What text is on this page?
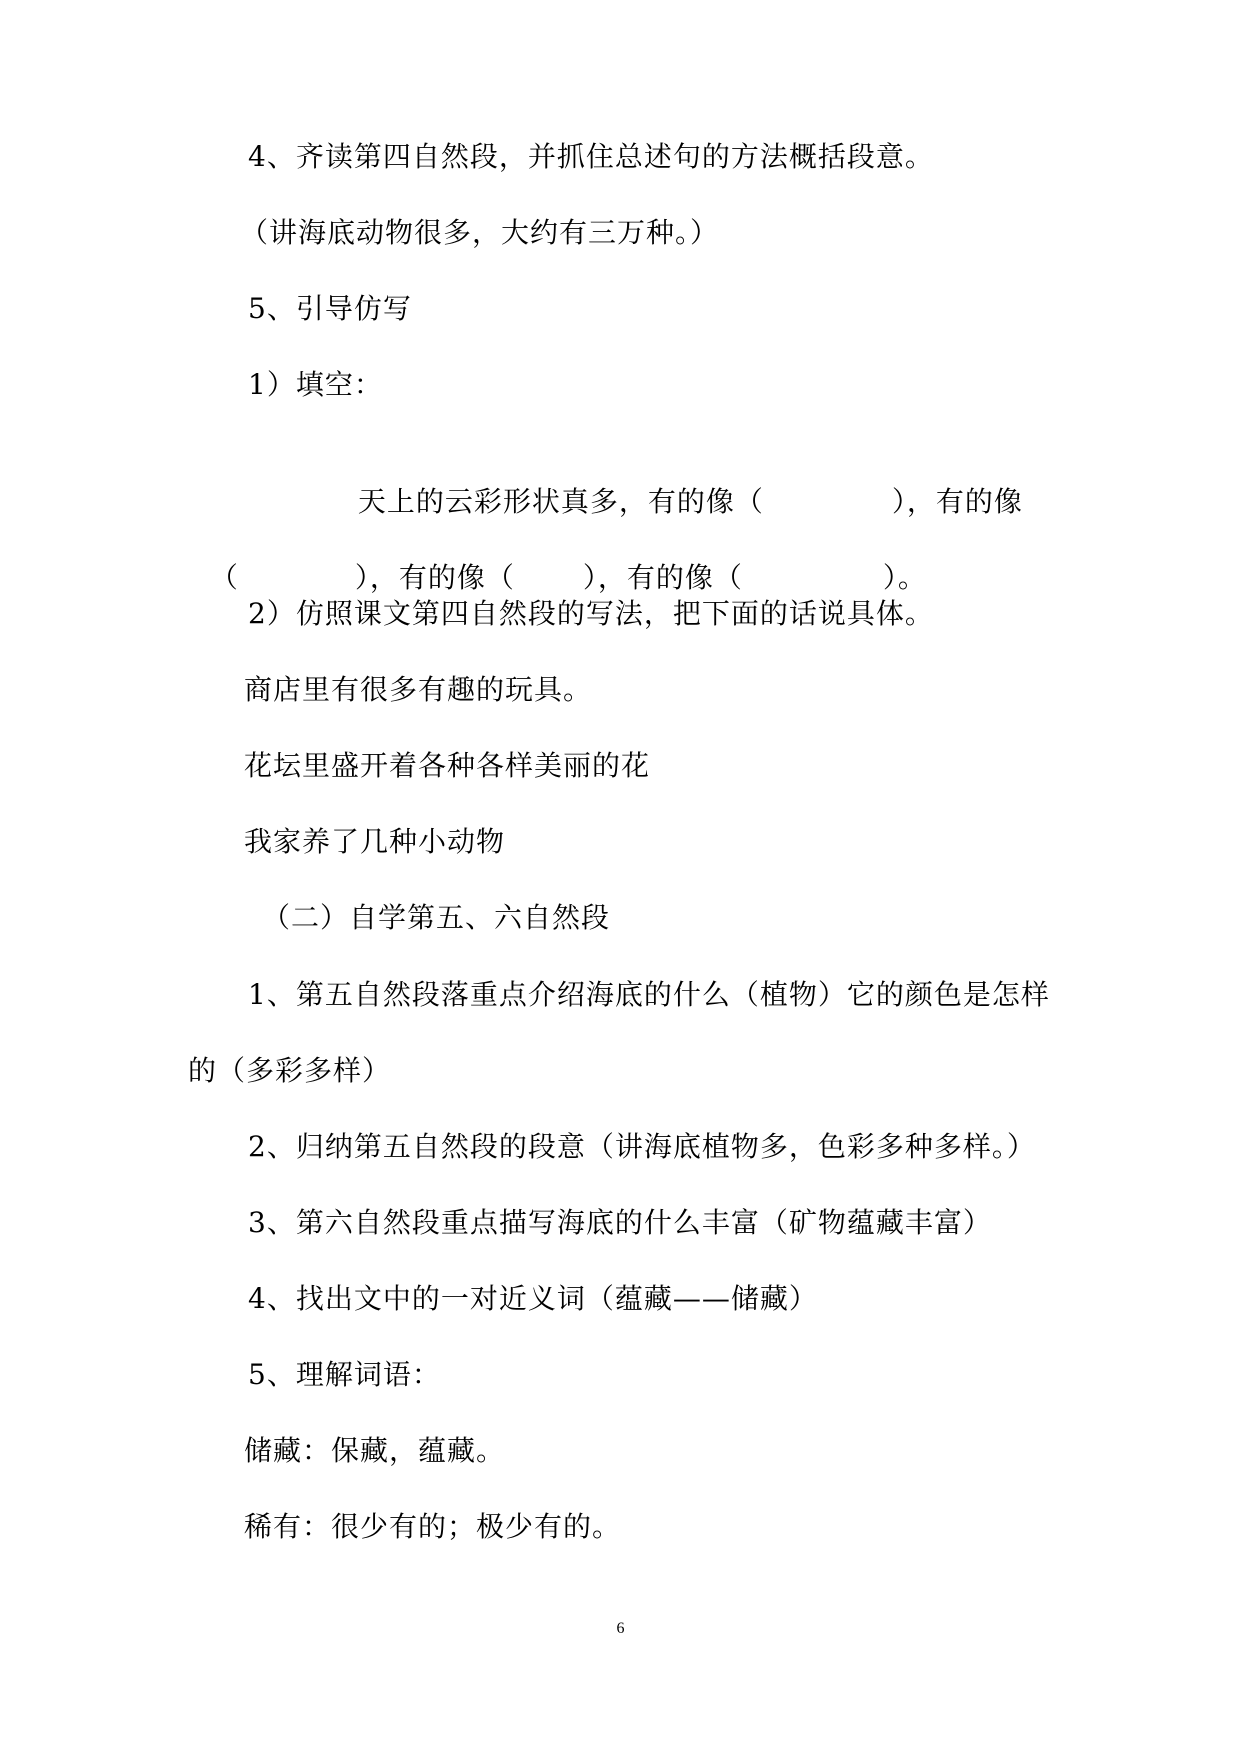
4、齐读第四自然段，并抓住总述句的方法概括段意。
（讲海底动物很多，大约有三万种。）
5、引导仿写
1）填空：

天上的云彩形状真多，有的像（	），有的像

（	），有的像（ ），有的像（	）。

2）仿照课文第四自然段的写法，把下面的话说具体。
商店里有很多有趣的玩具。
花坛里盛开着各种各样美丽的花
我家养了几种小动物
（二）自学第五、六自然段
1、第五自然段落重点介绍海底的什么（植物）它的颜色是怎样
的（多彩多样）
2、归纳第五自然段的段意（讲海底植物多，色彩多种多样。）
3、第六自然段重点描写海底的什么丰富（矿物蕴藏丰富）
4、找出文中的一对近义词（蕴藏——储藏）
5、理解词语：
储藏：保藏，蕴藏。
稀有：很少有的；极少有的。
6
